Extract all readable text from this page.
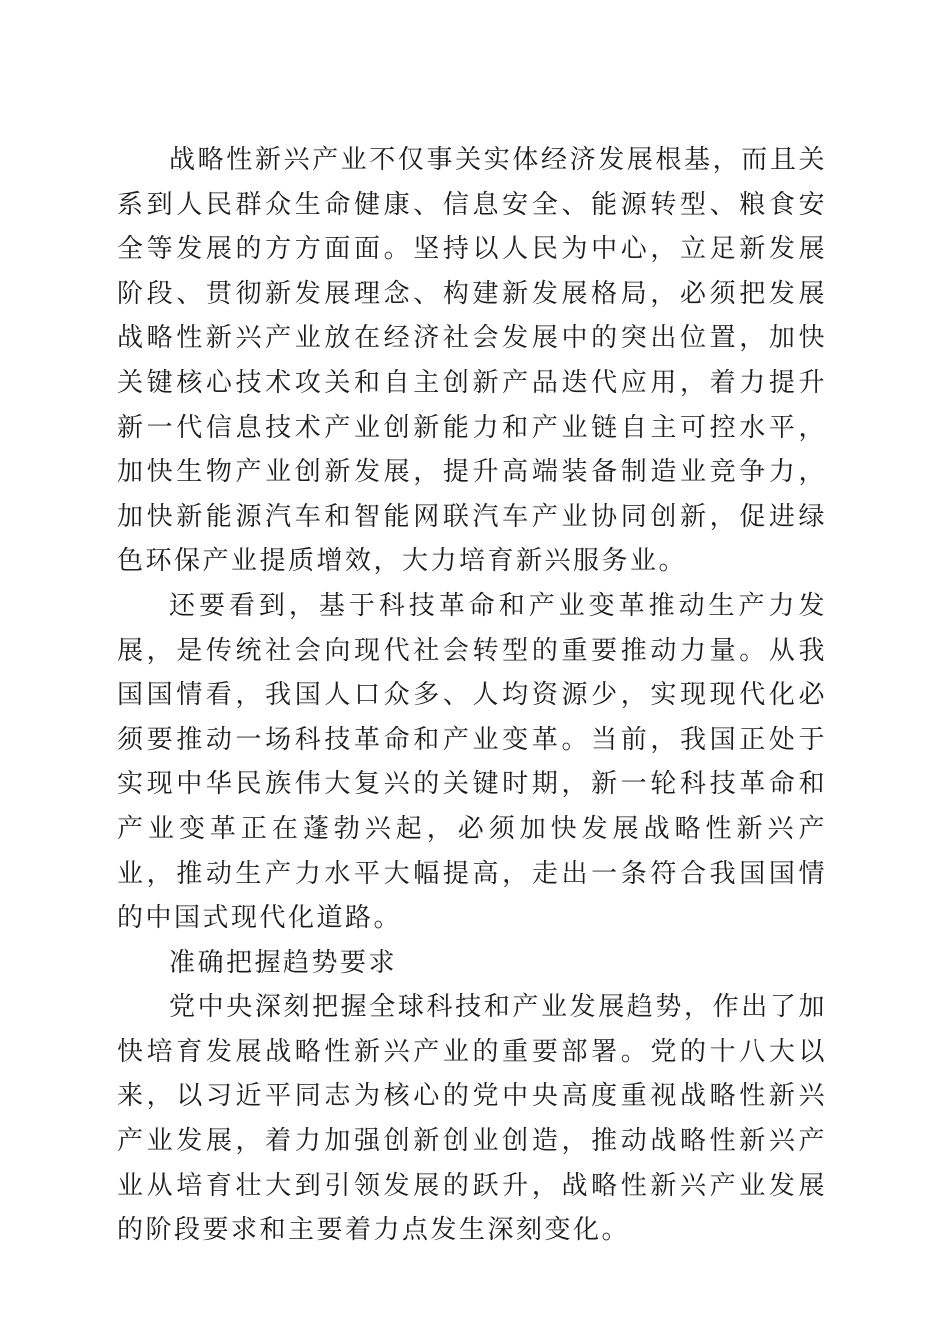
战略性新兴产业不仅事关实体经济发展根基，而且关系到人民群众生命健康、信息安全、能源转型、粮食安全等发展的方方面面。坚持以人民为中心，立足新发展阶段、贯彻新发展理念、构建新发展格局，必须把发展战略性新兴产业放在经济社会发展中的突出位置，加快关键核心技术攻关和自主创新产品迭代应用，着力提升新一代信息技术产业创新能力和产业链自主可控水平，加快生物产业创新发展，提升高端装备制造业竞争力，加快新能源汽车和智能网联汽车产业协同创新，促进绿色环保产业提质增效，大力培育新兴服务业。

还要看到，基于科技革命和产业变革推动生产力发展，是传统社会向现代社会转型的重要推动力量。从我国国情看，我国人口众多、人均资源少，实现现代化必须要推动一场科技革命和产业变革。当前，我国正处于实现中华民族伟大复兴的关键时期，新一轮科技革命和产业变革正在蓬勃兴起，必须加快发展战略性新兴产业，推动生产力水平大幅提高，走出一条符合我国国情的中国式现代化道路。

准确把握趋势要求

党中央深刻把握全球科技和产业发展趋势，作出了加快培育发展战略性新兴产业的重要部署。党的十八大以来，以习近平同志为核心的党中央高度重视战略性新兴产业发展，着力加强创新创业创造，推动战略性新兴产业从培育壮大到引领发展的跃升，战略性新兴产业发展的阶段要求和主要着力点发生深刻变化。
